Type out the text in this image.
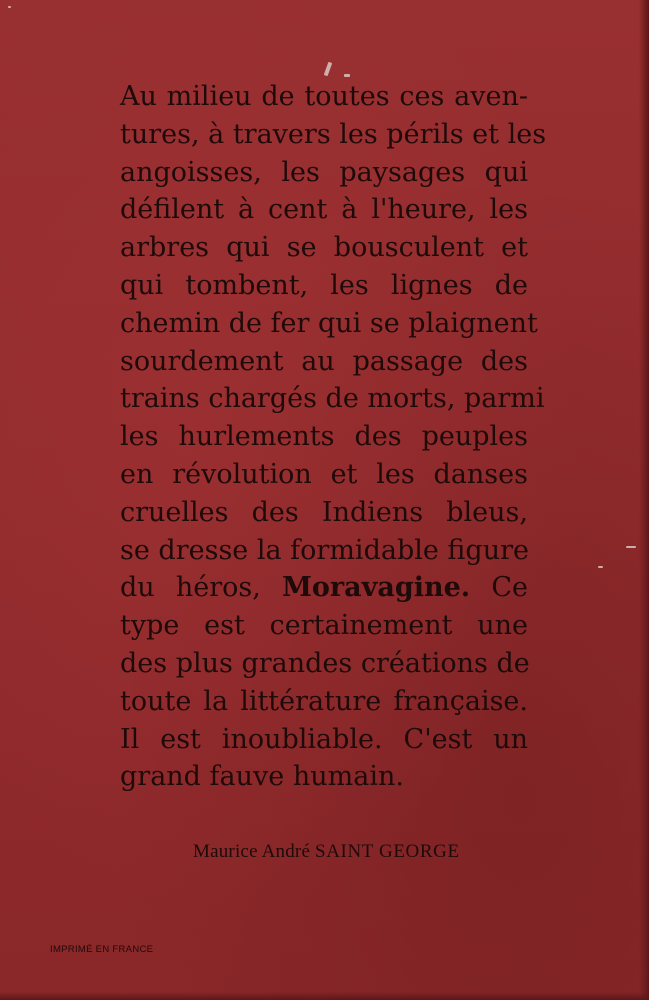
Au milieu de toutes ces aven-
tures, à travers les périls et les
angoisses, les paysages qui
défilent à cent à l'heure, les
arbres qui se bousculent et
qui tombent, les lignes de
chemin de fer qui se plaignent
sourdement au passage des
trains chargés de morts, parmi
les hurlements des peuples
en révolution et les danses
cruelles des Indiens bleus,
se dresse la formidable figure
du héros, Moravagine. Ce
type est certainement une
des plus grandes créations de
toute la littérature française.
Il est inoubliable. C'est un
grand fauve humain.
Maurice André SAINT GEORGE
IMPRIMÉ EN FRANCE
